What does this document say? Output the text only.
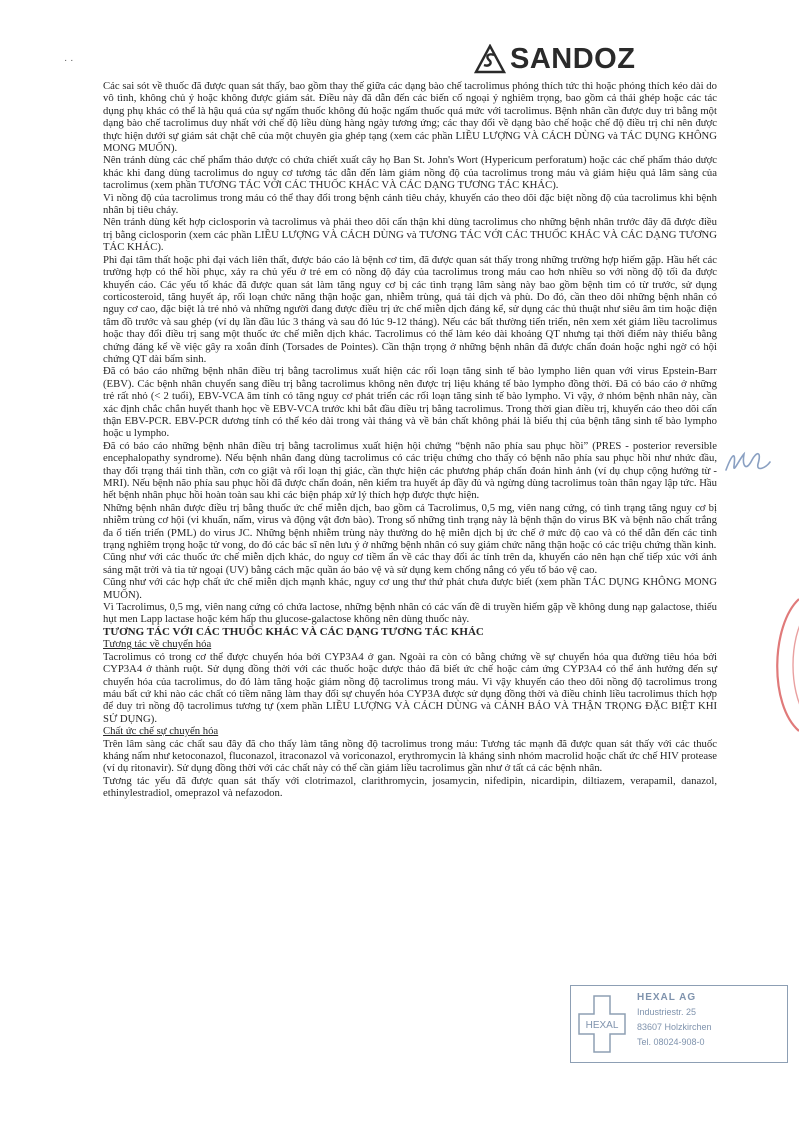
· ·	SANDOZ

Các sai sót về thuốc đã được quan sát thấy, bao gồm thay thế giữa các dạng bào chế tacrolimus phóng thích tức thì hoặc phóng thích kéo dài do vô tình, không chủ ý hoặc không được giám sát. Điều này đã dẫn đến các biến cố ngoại ý nghiêm trọng, bao gồm cả thải ghép hoặc các tác dụng phụ khác có thể là hậu quả của sự ngấm thuốc không đủ hoặc ngấm thuốc quá mức với tacrolimus. Bệnh nhân cần được duy trì bằng một dạng bào chế tacrolimus duy nhất với chế độ liều dùng hàng ngày tương ứng; các thay đổi về dạng bào chế hoặc chế độ điều trị chỉ nên được thực hiện dưới sự giám sát chặt chẽ của một chuyên gia ghép tạng (xem các phần LIỀU LƯỢNG VÀ CÁCH DÙNG và TÁC DỤNG KHÔNG MONG MUỐN).

Nên tránh dùng các chế phẩm thảo dược có chứa chiết xuất cây họ Ban St. John's Wort (Hypericum perforatum) hoặc các chế phẩm thảo dược khác khi đang dùng tacrolimus do nguy cơ tương tác dẫn đến làm giảm nồng độ của tacrolimus trong máu và giảm hiệu quả lâm sàng của tacrolimus (xem phần TƯƠNG TÁC VỚI CÁC THUỐC KHÁC VÀ CÁC DẠNG TƯƠNG TÁC KHÁC).

Vì nồng độ của tacrolimus trong máu có thể thay đổi trong bệnh cảnh tiêu chảy, khuyến cáo theo dõi đặc biệt nồng độ của tacrolimus khi bệnh nhân bị tiêu chảy.

Nên tránh dùng kết hợp ciclosporin và tacrolimus và phải theo dõi cẩn thận khi dùng tacrolimus cho những bệnh nhân trước đây đã được điều trị bằng ciclosporin (xem các phần LIỀU LƯỢNG VÀ CÁCH DÙNG và TƯƠNG TÁC VỚI CÁC THUỐC KHÁC VÀ CÁC DẠNG TƯƠNG TÁC KHÁC).

Phì đại tâm thất hoặc phì đại vách liên thất, được báo cáo là bệnh cơ tim, đã được quan sát thấy trong những trường hợp hiếm gặp. Hầu hết các trường hợp có thể hồi phục, xảy ra chủ yếu ở trẻ em có nồng độ đáy của tacrolimus trong máu cao hơn nhiều so với nồng độ tối đa được khuyến cáo. Các yếu tố khác đã được quan sát làm tăng nguy cơ bị các tình trạng lâm sàng này bao gồm bệnh tim có từ trước, sử dụng corticosteroid, tăng huyết áp, rối loạn chức năng thận hoặc gan, nhiễm trùng, quá tải dịch và phù. Do đó, cần theo dõi những bệnh nhân có nguy cơ cao, đặc biệt là trẻ nhỏ và những người đang được điều trị ức chế miễn dịch đáng kể, sử dụng các thủ thuật như siêu âm tim hoặc điện tâm đồ trước và sau ghép (ví dụ lần đầu lúc 3 tháng và sau đó lúc 9-12 tháng). Nếu các bất thường tiến triển, nên xem xét giảm liều tacrolimus hoặc thay đổi điều trị sang một thuốc ức chế miễn dịch khác. Tacrolimus có thể làm kéo dài khoảng QT nhưng tại thời điểm này thiếu bằng chứng đáng kể về việc gây ra xoắn đỉnh (Torsades de Pointes). Cần thận trọng ở những bệnh nhân đã được chẩn đoán hoặc nghi ngờ có hội chứng QT dài bẩm sinh.

Đã có báo cáo những bệnh nhân điều trị bằng tacrolimus xuất hiện các rối loạn tăng sinh tế bào lympho liên quan với virus Epstein-Barr (EBV). Các bệnh nhân chuyển sang điều trị bằng tacrolimus không nên được trị liệu kháng tế bào lympho đồng thời. Đã có báo cáo ở những trẻ rất nhỏ (< 2 tuổi), EBV-VCA âm tính có tăng nguy cơ phát triển các rối loạn tăng sinh tế bào lympho. Vì vậy, ở nhóm bệnh nhân này, cần xác định chắc chắn huyết thanh học về EBV-VCA trước khi bắt đầu điều trị bằng tacrolimus. Trong thời gian điều trị, khuyến cáo theo dõi cẩn thận EBV-PCR. EBV-PCR dương tính có thể kéo dài trong vài tháng và về bản chất không phải là biểu thị của bệnh tăng sinh tế bào lympho hoặc u lympho.

Đã có báo cáo những bệnh nhân điều trị bằng tacrolimus xuất hiện hội chứng “bệnh não phía sau phục hồi” (PRES - posterior reversible encephalopathy syndrome). Nếu bệnh nhân đang dùng tacrolimus có các triệu chứng cho thấy có bệnh não phía sau phục hồi như nhức đầu, thay đổi trạng thái tinh thần, cơn co giật và rối loạn thị giác, cần thực hiện các phương pháp chẩn đoán hình ảnh (ví dụ chụp cộng hưởng từ - MRI). Nếu bệnh não phía sau phục hồi đã được chẩn đoán, nên kiểm tra huyết áp đầy đủ và ngừng dùng tacrolimus toàn thân ngay lập tức. Hầu hết bệnh nhân phục hồi hoàn toàn sau khi các biện pháp xử lý thích hợp được thực hiện.

Những bệnh nhân được điều trị bằng thuốc ức chế miễn dịch, bao gồm cả Tacrolimus, 0,5 mg, viên nang cứng, có tình trạng tăng nguy cơ bị nhiễm trùng cơ hội (vi khuẩn, nấm, virus và động vật đơn bào). Trong số những tình trạng này là bệnh thận do virus BK và bệnh não chất trắng đa ổ tiến triển (PML) do virus JC. Những bệnh nhiễm trùng này thường do hệ miễn dịch bị ức chế ở mức độ cao và có thể dẫn đến các tình trạng nghiêm trọng hoặc tử vong, do đó các bác sĩ nên lưu ý ở những bệnh nhân có suy giảm chức năng thận hoặc có các triệu chứng thần kinh.

Cũng như với các thuốc ức chế miễn dịch khác, do nguy cơ tiềm ẩn về các thay đổi ác tính trên da, khuyến cáo nên hạn chế tiếp xúc với ánh sáng mặt trời và tia tử ngoại (UV) bằng cách mặc quần áo bảo vệ và sử dụng kem chống nắng có yếu tố bảo vệ cao.

Cũng như với các hợp chất ức chế miễn dịch mạnh khác, nguy cơ ung thư thứ phát chưa được biết (xem phần TÁC DỤNG KHÔNG MONG MUỐN).

Vì Tacrolimus, 0,5 mg, viên nang cứng có chứa lactose, những bệnh nhân có các vấn đề di truyền hiếm gặp về không dung nạp galactose, thiếu hụt men Lapp lactase hoặc kém hấp thu glucose-galactose không nên dùng thuốc này.

TƯƠNG TÁC VỚI CÁC THUỐC KHÁC VÀ CÁC DẠNG TƯƠNG TÁC KHÁC

Tương tác về chuyển hóa

Tacrolimus có trong cơ thể được chuyển hóa bởi CYP3A4 ở gan. Ngoài ra còn có bằng chứng về sự chuyển hóa qua đường tiêu hóa bởi CYP3A4 ở thành ruột. Sử dụng đồng thời với các thuốc hoặc dược thảo đã biết ức chế hoặc cảm ứng CYP3A4 có thể ảnh hưởng đến sự chuyển hóa của tacrolimus, do đó làm tăng hoặc giảm nồng độ tacrolimus trong máu. Vì vậy khuyến cáo theo dõi nồng độ tacrolimus trong máu bất cứ khi nào các chất có tiềm năng làm thay đổi sự chuyển hóa CYP3A được sử dụng đồng thời và điều chỉnh liều tacrolimus thích hợp để duy trì nồng độ tacrolimus tương tự (xem phần LIỀU LƯỢNG VÀ CÁCH DÙNG và CẢNH BÁO VÀ THẬN TRỌNG ĐẶC BIỆT KHI SỬ DỤNG).

Chất ức chế sự chuyển hóa

Trên lâm sàng các chất sau đây đã cho thấy làm tăng nồng độ tacrolimus trong máu: Tương tác mạnh đã được quan sát thấy với các thuốc kháng nấm như ketoconazol, fluconazol, itraconazol và voriconazol, erythromycin là kháng sinh nhóm macrolid hoặc chất ức chế HIV protease (ví dụ ritonavir). Sử dụng đồng thời với các chất này có thể cần giảm liều tacrolimus gần như ở tất cả các bệnh nhân.

Tương tác yếu đã được quan sát thấy với clotrimazol, clarithromycin, josamycin, nifedipin, nicardipin, diltiazem, verapamil, danazol, ethinylestradiol, omeprazol và nefazodon.

HEXAL
HEXAL AG
Industriestr. 25
83607 Holzkirchen
Tel. 08024-908-0
